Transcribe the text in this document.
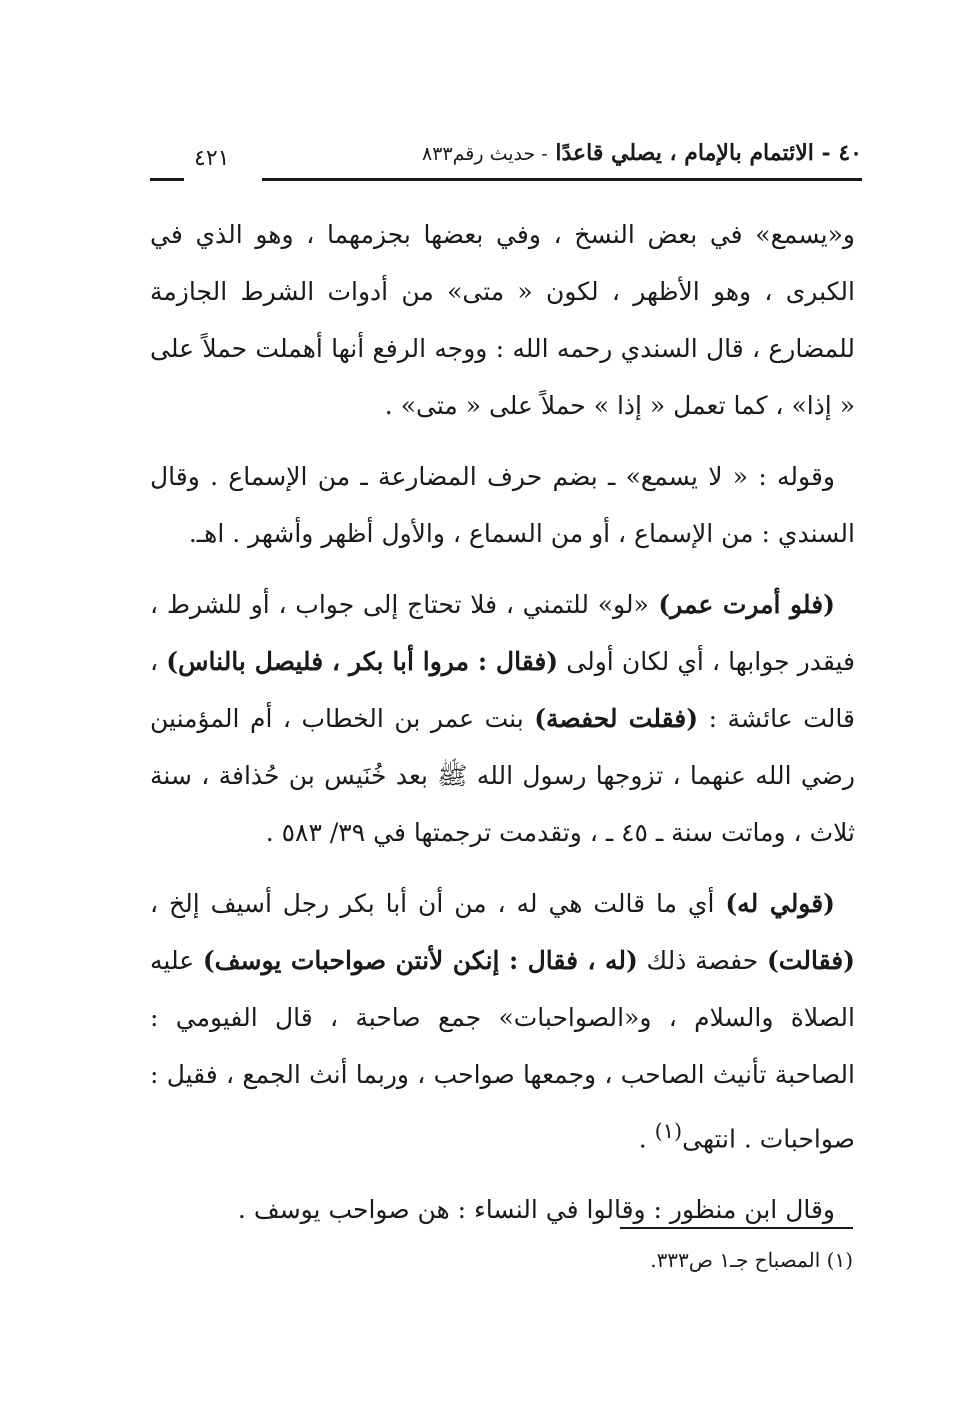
٤٠ - الائتمام بالإمام ، يصلي قاعدًا - حديث رقم٨٣٣
٤٢١

و«يسمع» في بعض النسخ ، وفي بعضها بجزمهما ، وهو الذي في الكبرى ، وهو الأظهر ، لكون « متى» من أدوات الشرط الجازمة للمضارع ، قال السندي رحمه الله : ووجه الرفع أنها أهملت حملاً على « إذا» ، كما تعمل « إذا » حملاً على « متى» .

وقوله : « لا يسمع» ـ بضم حرف المضارعة ـ من الإسماع . وقال السندي : من الإسماع ، أو من السماع ، والأول أظهر وأشهر . اهـ.

(فلو أمرت عمر) «لو» للتمني ، فلا تحتاج إلى جواب ، أو للشرط ، فيقدر جوابها ، أي لكان أولى (فقال : مروا أبا بكر ، فليصل بالناس) ، قالت عائشة : (فقلت لحفصة) بنت عمر بن الخطاب ، أم المؤمنين رضي الله عنهما ، تزوجها رسول الله ﷺ بعد خُنَيس بن حُذافة ، سنة ثلاث ، وماتت سنة ـ ٤٥ ـ ، وتقدمت ترجمتها في ٣٩/ ٥٨٣ .

(قولي له) أي ما قالت هي له ، من أن أبا بكر رجل أسيف إلخ ، (فقالت) حفصة ذلك (له ، فقال : إنكن لأنتن صواحبات يوسف) عليه الصلاة والسلام ، و«الصواحبات» جمع صاحبة ، قال الفيومي : الصاحبة تأنيث الصاحب ، وجمعها صواحب ، وربما أنث الجمع ، فقيل : صواحبات . انتهى$^{(١)}$ .

وقال ابن منظور : وقالوا في النساء : هن صواحب يوسف .

(١) المصباح جـ١ ص٣٣٣.
